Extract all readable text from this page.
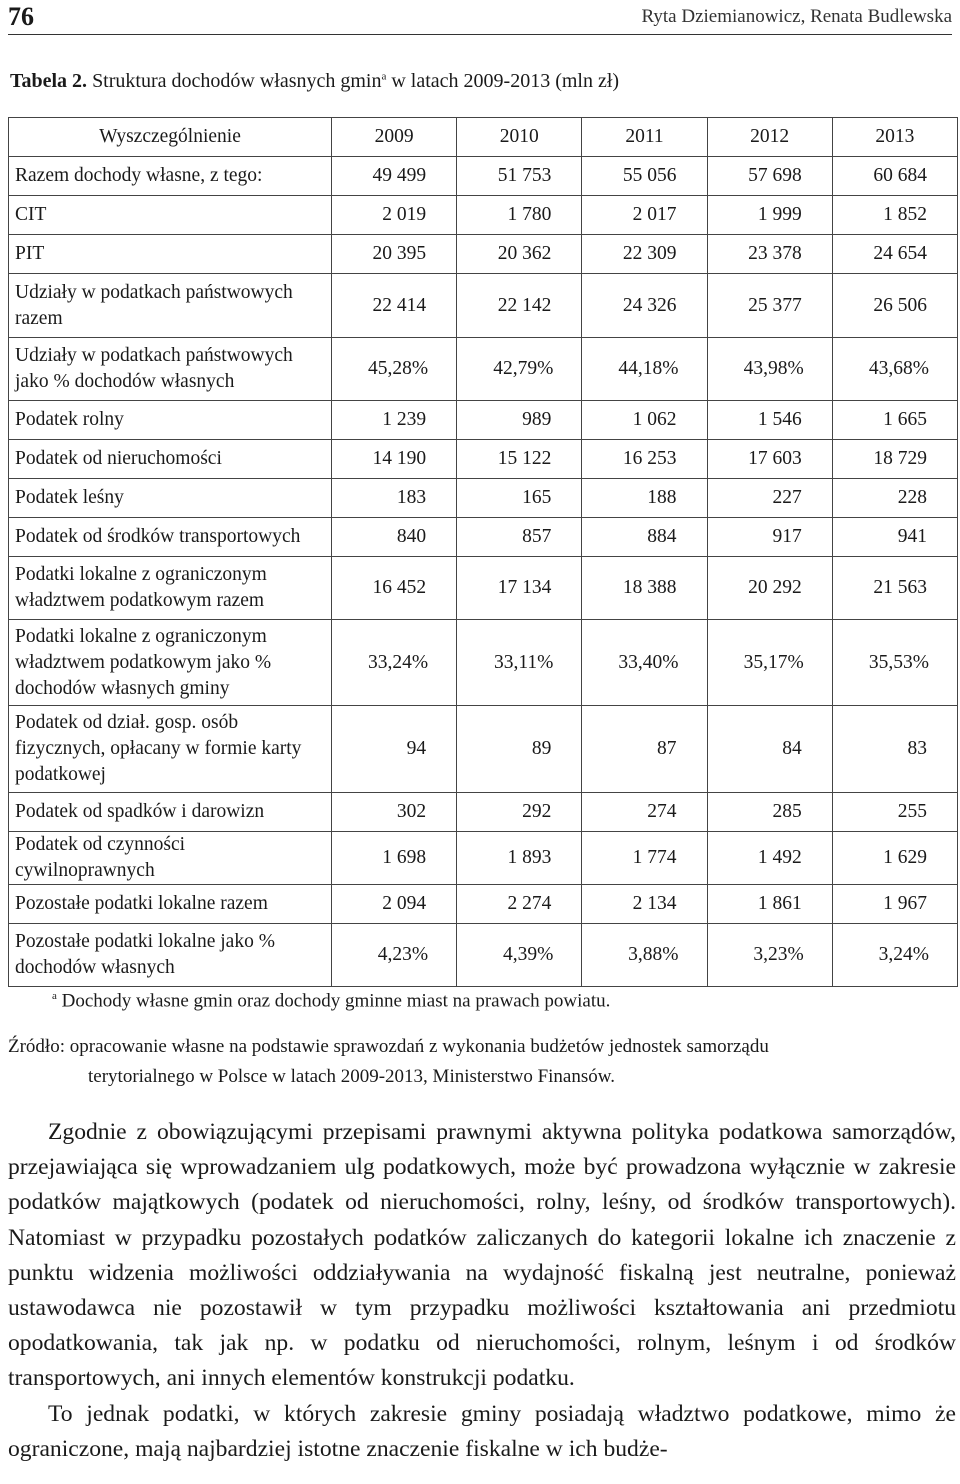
76	Ryta Dziemianowicz, Renata Budlewska
Tabela 2. Struktura dochodów własnych gmin$^a$ w latach 2009-2013 (mln zł)
Wyszczególnienie	2009	2010	2011	2012	2013
Razem dochody własne, z tego:	49 499	51 753	55 056	57 698	60 684
CIT	2 019	1 780	2 017	1 999	1 852
PIT	20 395	20 362	22 309	23 378	24 654
Udziały w podatkach państwowych razem	22 414	22 142	24 326	25 377	26 506
Udziały w podatkach państwowych jako % dochodów własnych	45,28%	42,79%	44,18%	43,98%	43,68%
Podatek rolny	1 239	989	1 062	1 546	1 665
Podatek od nieruchomości	14 190	15 122	16 253	17 603	18 729
Podatek leśny	183	165	188	227	228
Podatek od środków transportowych	840	857	884	917	941
Podatki lokalne z ograniczonym władztwem podatkowym razem	16 452	17 134	18 388	20 292	21 563
Podatki lokalne z ograniczonym władztwem podatkowym jako % dochodów własnych gminy	33,24%	33,11%	33,40%	35,17%	35,53%
Podatek od dział. gosp. osób fizycznych, opłacany w formie karty podatkowej	94	89	87	84	83
Podatek od spadków i darowizn	302	292	274	285	255
Podatek od czynności cywilnoprawnych	1 698	1 893	1 774	1 492	1 629
Pozostałe podatki lokalne razem	2 094	2 274	2 134	1 861	1 967
Pozostałe podatki lokalne jako % dochodów własnych	4,23%	4,39%	3,88%	3,23%	3,24%
$^a$ Dochody własne gmin oraz dochody gminne miast na prawach powiatu.
Źródło: opracowanie własne na podstawie sprawozdań z wykonania budżetów jednostek samorządu
terytorialnego w Polsce w latach 2009-2013, Ministerstwo Finansów.

Zgodnie z obowiązującymi przepisami prawnymi aktywna polityka podatkowa samorządów, przejawiająca się wprowadzaniem ulg podatkowych, może być prowadzona wyłącznie w zakresie podatków majątkowych (podatek od nieruchomości, rolny, leśny, od środków transportowych). Natomiast w przypadku pozostałych podatków zaliczanych do kategorii lokalne ich znaczenie z punktu widzenia możliwości oddziaływania na wydajność fiskalną jest neutralne, ponieważ ustawodawca nie pozostawił w tym przypadku możliwości kształtowania ani przedmiotu opodatkowania, tak jak np. w podatku od nieruchomości, rolnym, leśnym i od środków transportowych, ani innych elementów konstrukcji podatku.

To jednak podatki, w których zakresie gminy posiadają władztwo podatkowe, mimo że ograniczone, mają najbardziej istotne znaczenie fiskalne w ich budże-
